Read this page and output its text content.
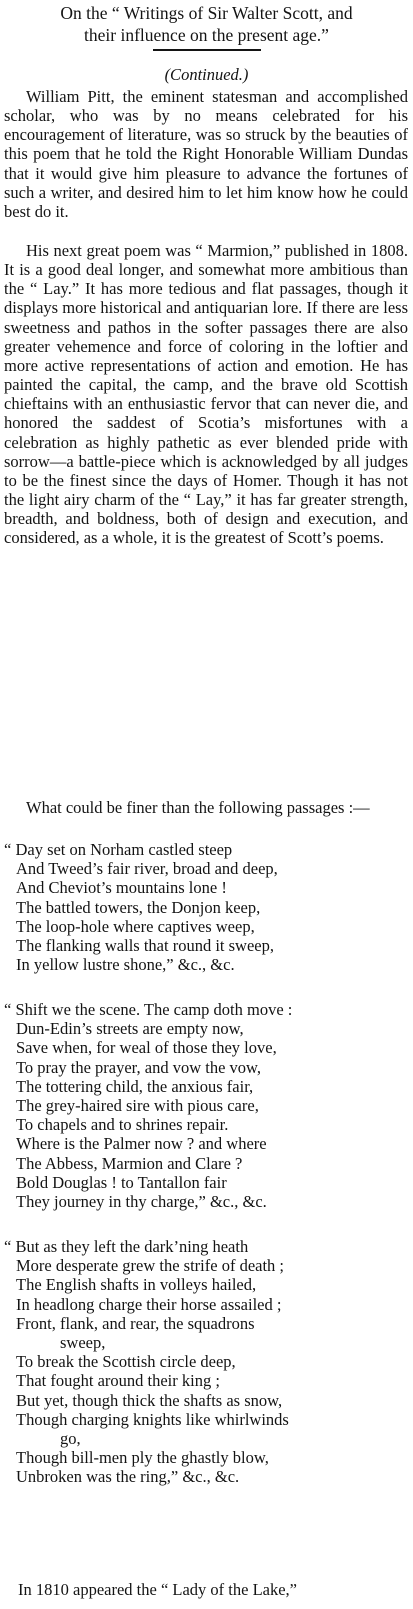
On the “ Writings of Sir Walter Scott, and
their influence on the present age.”
(Continued.)

William Pitt, the eminent statesman and accomplished scholar, who was by no means celebrated for his encouragement of literature, was so struck by the beauties of this poem that he told the Right Honorable William Dundas that it would give him pleasure to advance the fortunes of such a writer, and desired him to let him know how he could best do it.

His next great poem was “ Marmion,” published in 1808. It is a good deal longer, and somewhat more ambitious than the “ Lay.” It has more tedious and flat passages, though it displays more historical and antiquarian lore. If there are less sweetness and pathos in the softer passages there are also greater vehemence and force of coloring in the loftier and more active representations of action and emotion. He has painted the capital, the camp, and the brave old Scottish chieftains with an enthusiastic fervor that can never die, and honored the saddest of Scotia’s misfortunes with a celebration as highly pathetic as ever blended pride with sorrow—a battle-piece which is acknowledged by all judges to be the finest since the days of Homer. Though it has not the light airy charm of the “ Lay,” it has far greater strength, breadth, and boldness, both of design and execution, and considered, as a whole, it is the greatest of Scott’s poems.

What could be finer than the following passages :—

“ Day set on Norham castled steep
And Tweed’s fair river, broad and deep,
And Cheviot’s mountains lone !
The battled towers, the Donjon keep,
The loop-hole where captives weep,
The flanking walls that round it sweep,
In yellow lustre shone,” &c., &c.
“ Shift we the scene. The camp doth move :
Dun-Edin’s streets are empty now,
Save when, for weal of those they love,
To pray the prayer, and vow the vow,
The tottering child, the anxious fair,
The grey-haired sire with pious care,
To chapels and to shrines repair.
Where is the Palmer now ? and where
The Abbess, Marmion and Clare ?
Bold Douglas ! to Tantallon fair
They journey in thy charge,” &c., &c.
“ But as they left the dark’ning heath
More desperate grew the strife of death ;
The English shafts in volleys hailed,
In headlong charge their horse assailed ;
Front, flank, and rear, the squadrons
sweep,
To break the Scottish circle deep,
That fought around their king ;
But yet, though thick the shafts as snow,
Though charging knights like whirlwinds
go,
Though bill-men ply the ghastly blow,
Unbroken was the ring,” &c., &c.

In 1810 appeared the “ Lady of the Lake,”
